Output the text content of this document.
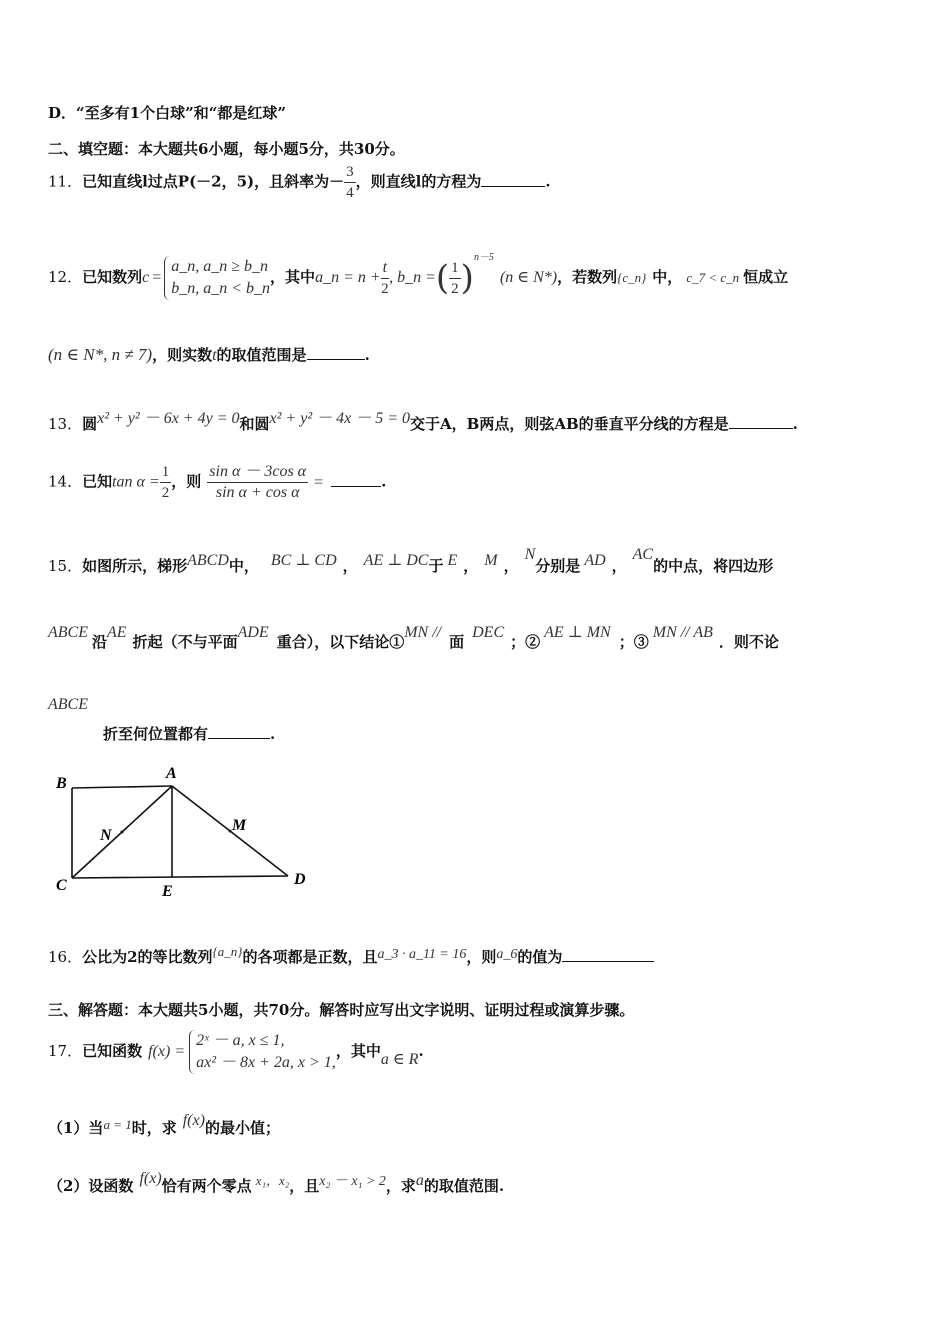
D．“至多有1个白球”和“都是红球”
二、填空题：本大题共6小题，每小题5分，共30分。
11．已知直线l过点P(－2，5)，且斜率为－ $\frac{3}{4}$ ，则直线l的方程为	.
12．已知数列c =
a_n, a_n ≥ b_n
b_n, a_n < b_n
，其中a_n = $n + \frac{t}{2}$ , b_n =( $\frac{1}{2} )^{n-5}(n$ ∈ N*)，若数列{c_n} 中， c_7 < c_n 恒成立
(n ∈ N*, n ≠ 7)，则实数t的取值范围是	.
13．圆x² + y² － 6x + 4y = 0和圆x² + y² － 4x － 5 = 0交于A，B两点，则弦AB的垂直平分线的方程是	.
14．已知$\tan \alpha = \frac{1}{2}$ ，则 $\frac{\text{sin α － 3cos α}}{\text{sin α + cos α}}$ =	.
15．如图所示，梯形ABCD中， BC ⊥ CD ， AE ⊥ DC于 E ， M ，N分别是 AD ，AC的中点，将四边形
ABCE沿AE折起（不与平面ADE重合），以下结论①MN // 面DEC；②AE ⊥ MN；③MN // AB．则不论
ABCE
折至何位置都有	.
B
A
N
M
C	E
D
16．公比为2的等比数列{a_n}的各项都是正数，且a_3 · a_11 = 16，则a_6的值为
三、解答题：本大题共5小题，共70分。解答时应写出文字说明、证明过程或演算步骤。
17．已知函数 f(x) =
2ˣ － a, x ≤ 1,
ax² － 8x + 2a, x > 1,
，其中a ∈ R.
（1）当a = 1时，求 f(x)的最小值；
（2）设函数 f(x)恰有两个零点 x₁，x₂，且x₂ － x₁ > 2，求a的取值范围.
